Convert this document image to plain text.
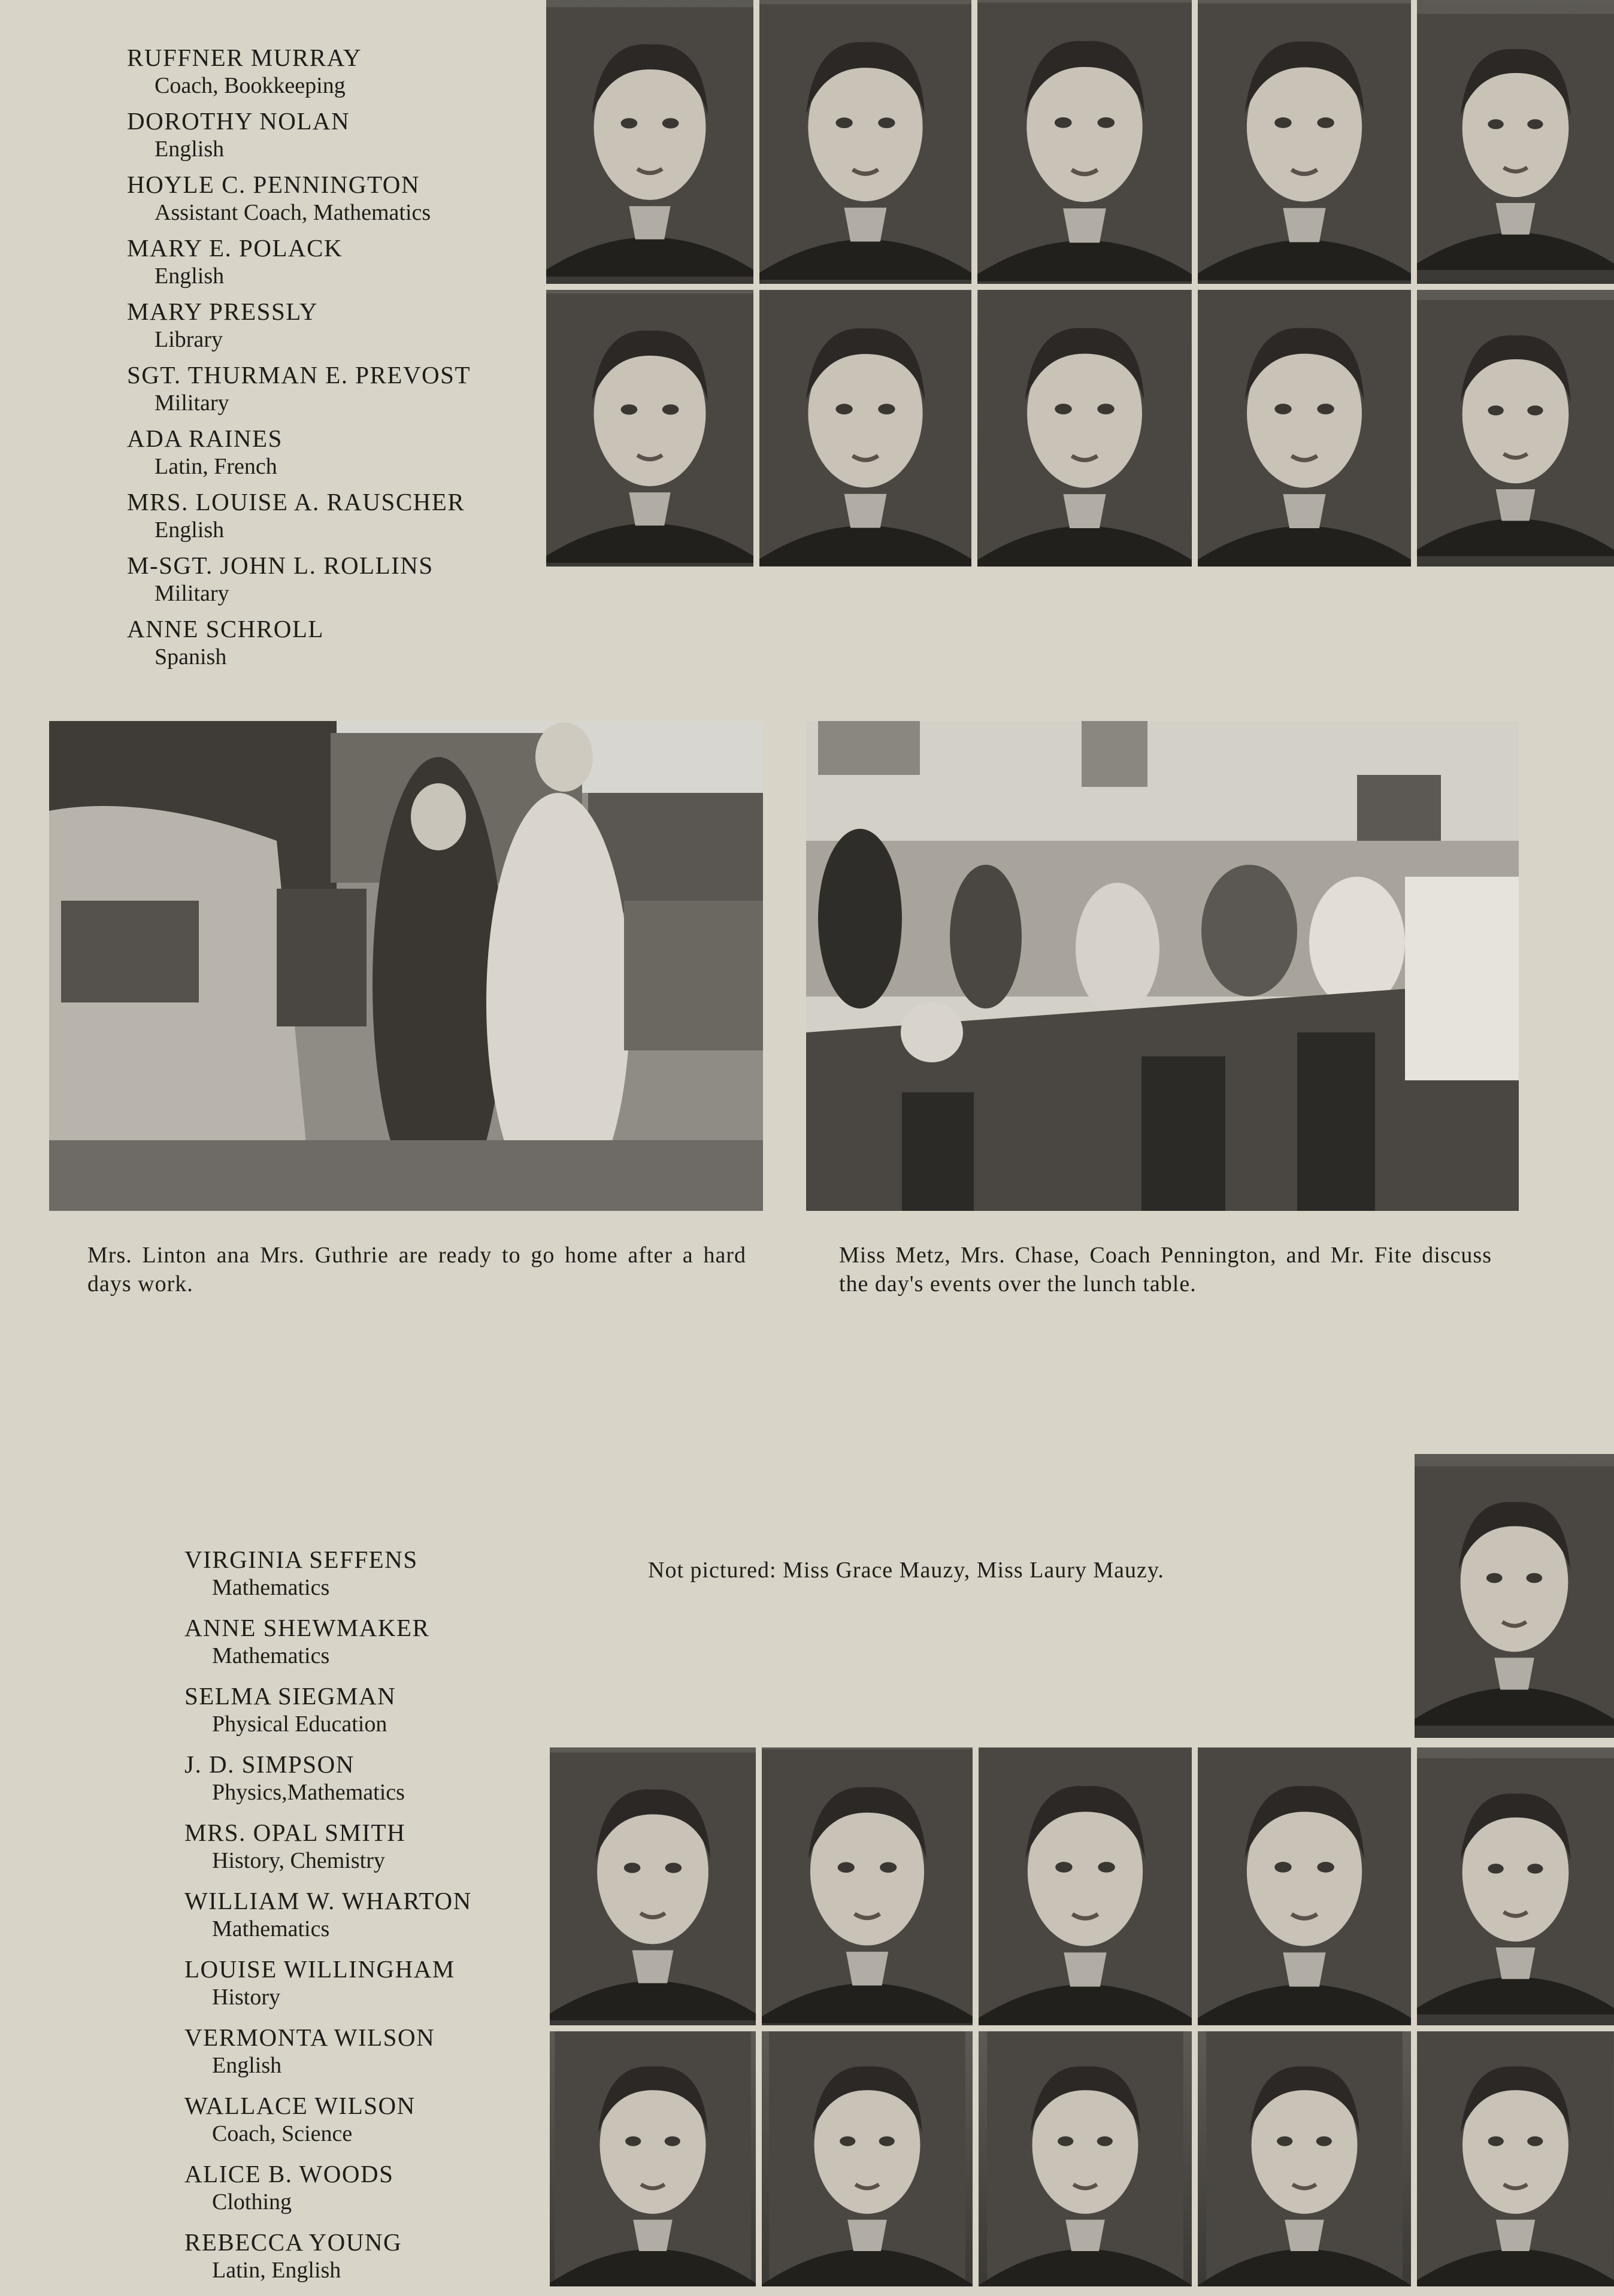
RUFFNER MURRAY
Coach, Bookkeeping
DOROTHY NOLAN
English
HOYLE C. PENNINGTON
Assistant Coach, Mathematics
MARY E. POLACK
English
MARY PRESSLY
Library
SGT. THURMAN E. PREVOST
Military
ADA RAINES
Latin, French
MRS. LOUISE A. RAUSCHER
English
M-SGT. JOHN L. ROLLINS
Military
ANNE SCHROLL
Spanish

Mrs. Linton ana Mrs. Guthrie are ready to go home after a hard days work.

Miss Metz, Mrs. Chase, Coach Pennington, and Mr. Fite discuss the day's events over the lunch table.

Not pictured: Miss Grace Mauzy, Miss Laury Mauzy.

VIRGINIA SEFFENS
Mathematics
ANNE SHEWMAKER
Mathematics
SELMA SIEGMAN
Physical Education
J. D. SIMPSON
Physics,Mathematics
MRS. OPAL SMITH
History, Chemistry
WILLIAM W. WHARTON
Mathematics
LOUISE WILLINGHAM
History
VERMONTA WILSON
English
WALLACE WILSON
Coach, Science
ALICE B. WOODS
Clothing
REBECCA YOUNG
Latin, English
